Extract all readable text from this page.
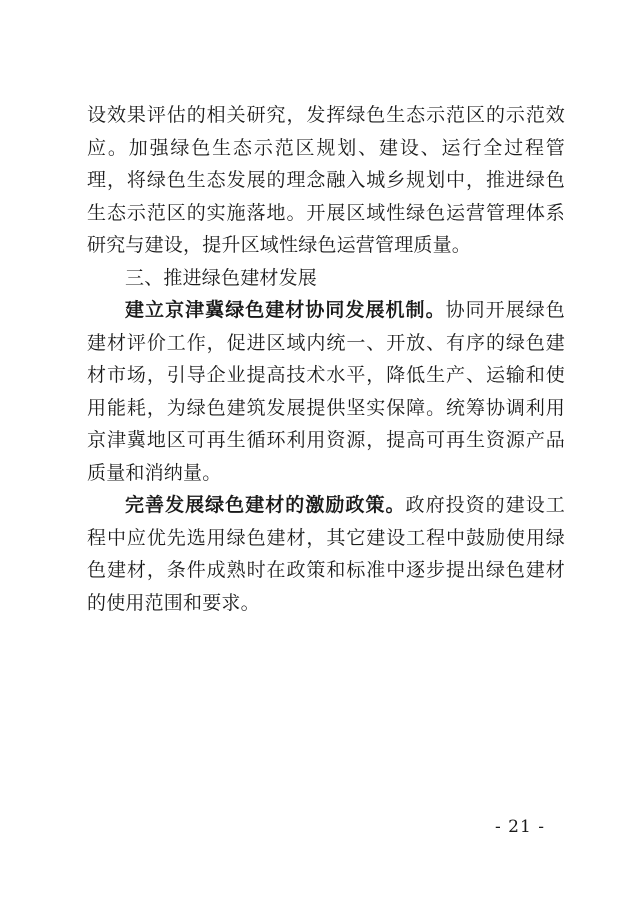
设效果评估的相关研究，发挥绿色生态示范区的示范效应。加强绿色生态示范区规划、建设、运行全过程管理，将绿色生态发展的理念融入城乡规划中，推进绿色生态示范区的实施落地。开展区域性绿色运营管理体系研究与建设，提升区域性绿色运营管理质量。

三、推进绿色建材发展

建立京津冀绿色建材协同发展机制。协同开展绿色建材评价工作，促进区域内统一、开放、有序的绿色建材市场，引导企业提高技术水平，降低生产、运输和使用能耗，为绿色建筑发展提供坚实保障。统筹协调利用京津冀地区可再生循环利用资源，提高可再生资源产品质量和消纳量。

完善发展绿色建材的激励政策。政府投资的建设工程中应优先选用绿色建材，其它建设工程中鼓励使用绿色建材，条件成熟时在政策和标准中逐步提出绿色建材的使用范围和要求。

- 21 -
